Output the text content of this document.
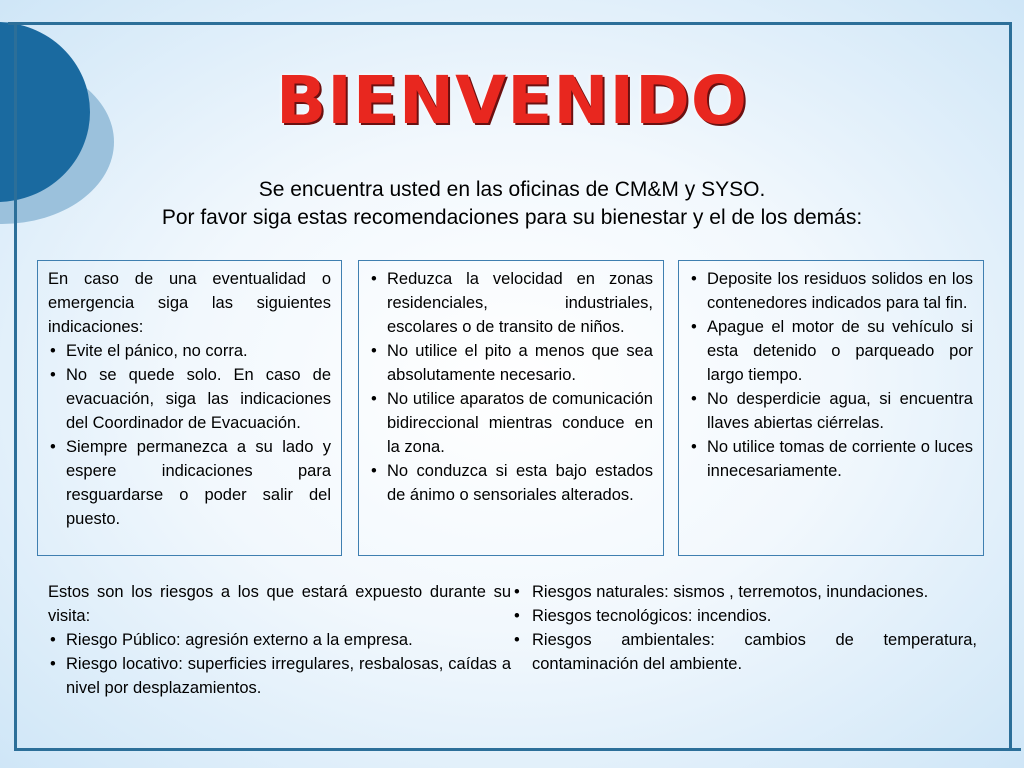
BIENVENIDO
Se encuentra usted en las oficinas de CM&M y SYSO.
Por favor siga estas recomendaciones para su bienestar y el de los demás:
En caso de una eventualidad o emergencia siga las siguientes indicaciones:
• Evite el pánico, no corra.
• No se quede solo. En caso de evacuación, siga las indicaciones del Coordinador de Evacuación.
• Siempre permanezca a su lado y espere indicaciones para resguardarse o poder salir del puesto.
• Reduzca la velocidad en zonas residenciales, industriales, escolares o de transito de niños.
• No utilice el pito a menos que sea absolutamente necesario.
• No utilice aparatos de comunicación bidireccional mientras conduce en la zona.
• No conduzca si esta bajo estados de ánimo o sensoriales alterados.
• Deposite los residuos solidos en los contenedores indicados para tal fin.
• Apague el motor de su vehículo si esta detenido o parqueado por largo tiempo.
• No desperdicie agua, si encuentra llaves abiertas ciérrelas.
• No utilice tomas de corriente o luces innecesariamente.
Estos son los riesgos a los que estará expuesto durante su visita:
• Riesgo Público: agresión externo a la empresa.
• Riesgo locativo: superficies irregulares, resbalosas, caídas a nivel por desplazamientos.
• Riesgos naturales: sismos , terremotos, inundaciones.
• Riesgos tecnológicos: incendios.
• Riesgos ambientales: cambios de temperatura, contaminación del ambiente.
